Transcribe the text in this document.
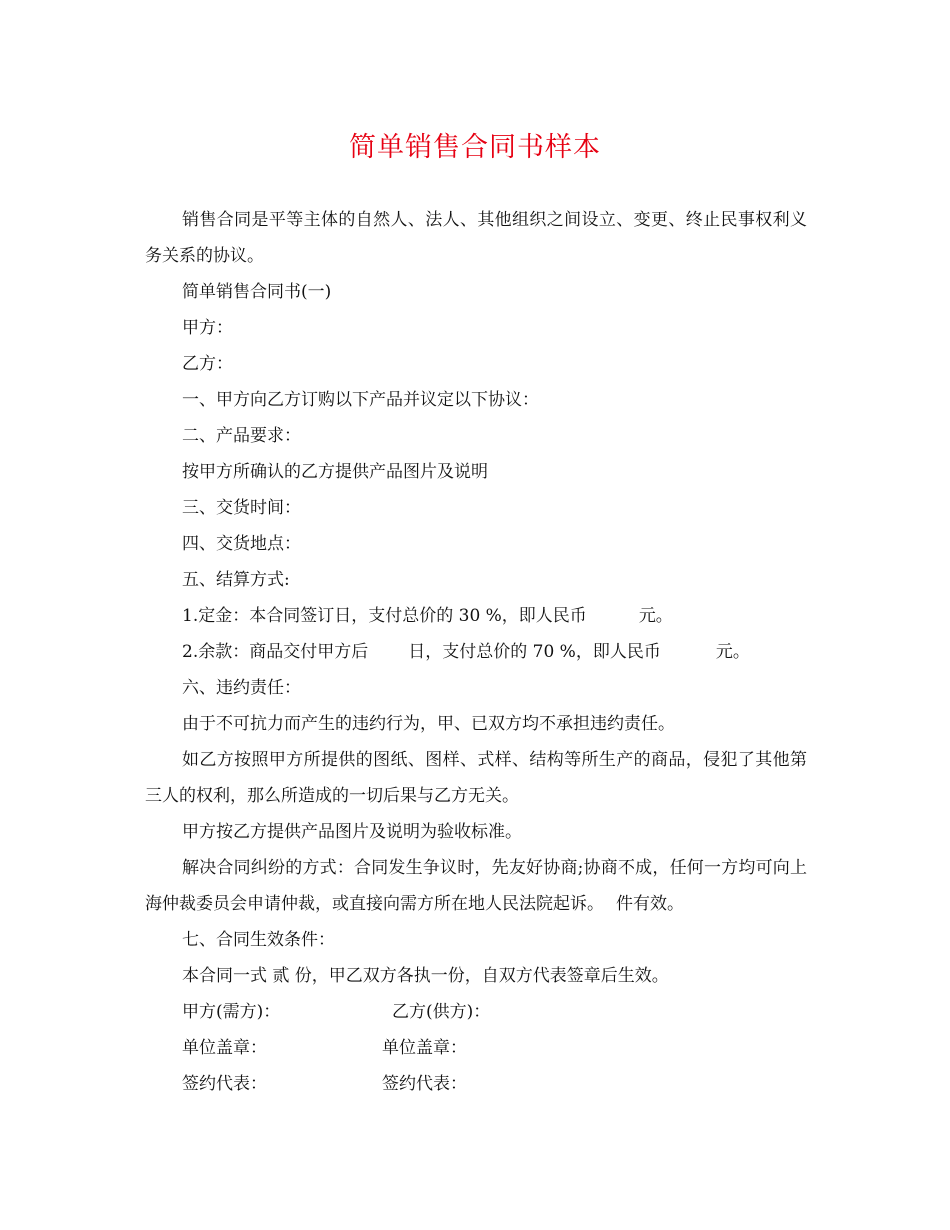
简单销售合同书样本

销售合同是平等主体的自然人、法人、其他组织之间设立、变更、终止民事权利义务关系的协议。

简单销售合同书(一)

甲方：

乙方：

一、甲方向乙方订购以下产品并议定以下协议：

二、产品要求：

按甲方所确认的乙方提供产品图片及说明

三、交货时间：

四、交货地点：

五、结算方式:

1.定金：本合同签订日，支付总价的 30 %，即人民币	元。

2.余款：商品交付甲方后 日，支付总价的 70 %，即人民币	元。

六、违约责任：

由于不可抗力而产生的违约行为，甲、已双方均不承担违约责任。

如乙方按照甲方所提供的图纸、图样、式样、结构等所生产的商品，侵犯了其他第三人的权利，那么所造成的一切后果与乙方无关。

甲方按乙方提供产品图片及说明为验收标准。

解决合同纠纷的方式：合同发生争议时，先友好协商;协商不成，任何一方均可向上海仲裁委员会申请仲裁，或直接向需方所在地人民法院起诉。 件有效。

七、合同生效条件：

本合同一式 贰 份，甲乙双方各执一份，自双方代表签章后生效。

甲方(需方)：	乙方(供方)：
单位盖章：	单位盖章：
签约代表：	签约代表：
